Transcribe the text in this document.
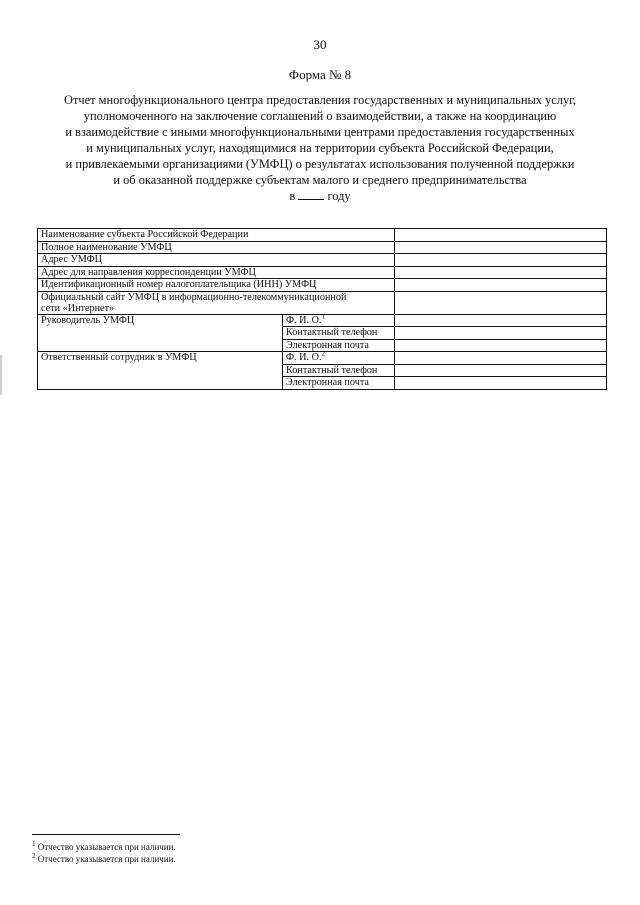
30
Форма № 8
Отчет многофункционального центра предоставления государственных и муниципальных услуг,
уполномоченного на заключение соглашений о взаимодействии, а также на координацию
и взаимодействие с иными многофункциональными центрами предоставления государственных
и муниципальных услуг, находящимися на территории субъекта Российской Федерации,
и привлекаемыми организациями (УМФЦ) о результатах использования полученной поддержки
и об оказанной поддержке субъектам малого и среднего предпринимательства
в	году
Наименование субъекта Российской Федерации		
Полное наименование УМФЦ		
Адрес УМФЦ		
Адрес для направления корреспонденции УМФЦ		
Идентификационный номер налогоплательщика (ИНН) УМФЦ		
Официальный сайт УМФЦ в информационно-телекоммуникационной
сети «Интернет»		
Руководитель УМФЦ	Ф. И. О.$^1$	
	Контактный телефон	
	Электронная почта	
Ответственный сотрудник в УМФЦ	Ф. И. О.$^2$	
	Контактный телефон	
	Электронная почта	
$^1$ Отчество указывается при наличии.
$^2$ Отчество указывается при наличии.
